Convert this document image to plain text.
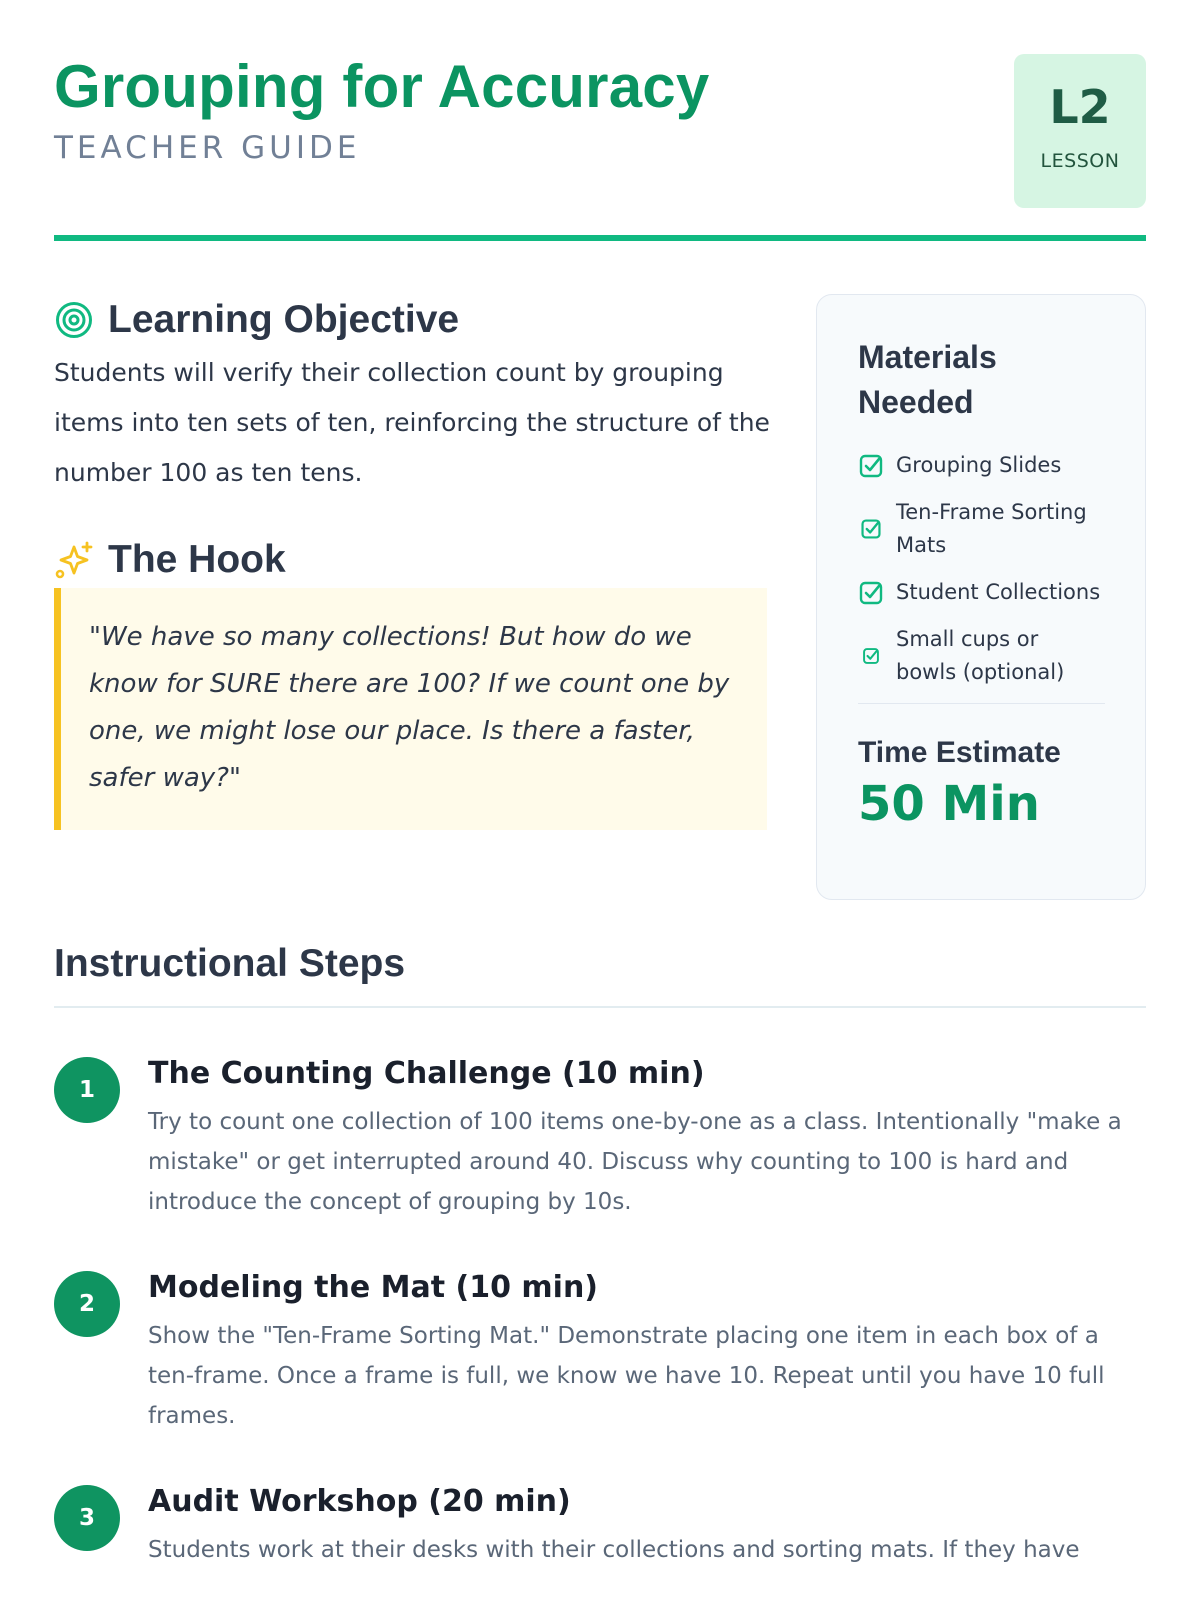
Grouping for Accuracy
TEACHER GUIDE
L2
LESSON
Learning Objective

Students will verify their collection count by grouping items into ten sets of ten, reinforcing the structure of the number 100 as ten tens.

The Hook

"We have so many collections! But how do we know for SURE there are 100? If we count one by one, we might lose our place. Is there a faster, safer way?"

Materials Needed
Grouping Slides
Ten-Frame Sorting Mats
Student Collections
Small cups or bowls (optional)
Time Estimate
50 Min
Instructional Steps
1	The Counting Challenge (10 min)

Try to count one collection of 100 items one-by-one as a class. Intentionally "make a mistake" or get interrupted around 40. Discuss why counting to 100 is hard and introduce the concept of grouping by 10s.

2	Modeling the Mat (10 min)

Show the "Ten-Frame Sorting Mat." Demonstrate placing one item in each box of a ten-frame. Once a frame is full, we know we have 10. Repeat until you have 10 full frames.

3	Audit Workshop (20 min)

Students work at their desks with their collections and sorting mats. If they have
